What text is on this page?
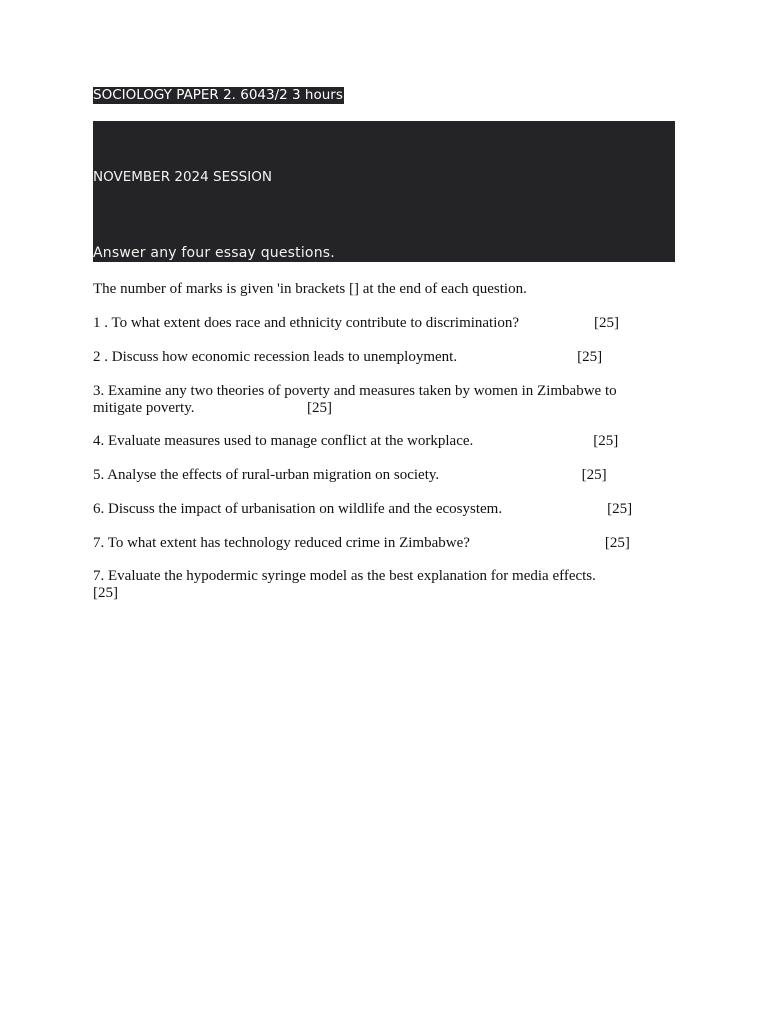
SOCIOLOGY PAPER 2. 6043/2 3 hours
NOVEMBER 2024 SESSION
Answer any four essay questions.
The number of marks is given 'in brackets [] at the end of each question.
1 . To what extent does race and ethnicity contribute to discrimination?                    [25]
2 . Discuss how economic recession leads to unemployment.                                [25]
3. Examine any two theories of poverty and measures taken by women in Zimbabwe to
mitigate poverty.                              [25]
4. Evaluate measures used to manage conflict at the workplace.                                [25]
5. Analyse the effects of rural-urban migration on society.                                      [25]
6. Discuss the impact of urbanisation on wildlife and the ecosystem.                            [25]
7. To what extent has technology reduced crime in Zimbabwe?                                    [25]
7. Evaluate the hypodermic syringe model as the best explanation for media effects.
[25]
